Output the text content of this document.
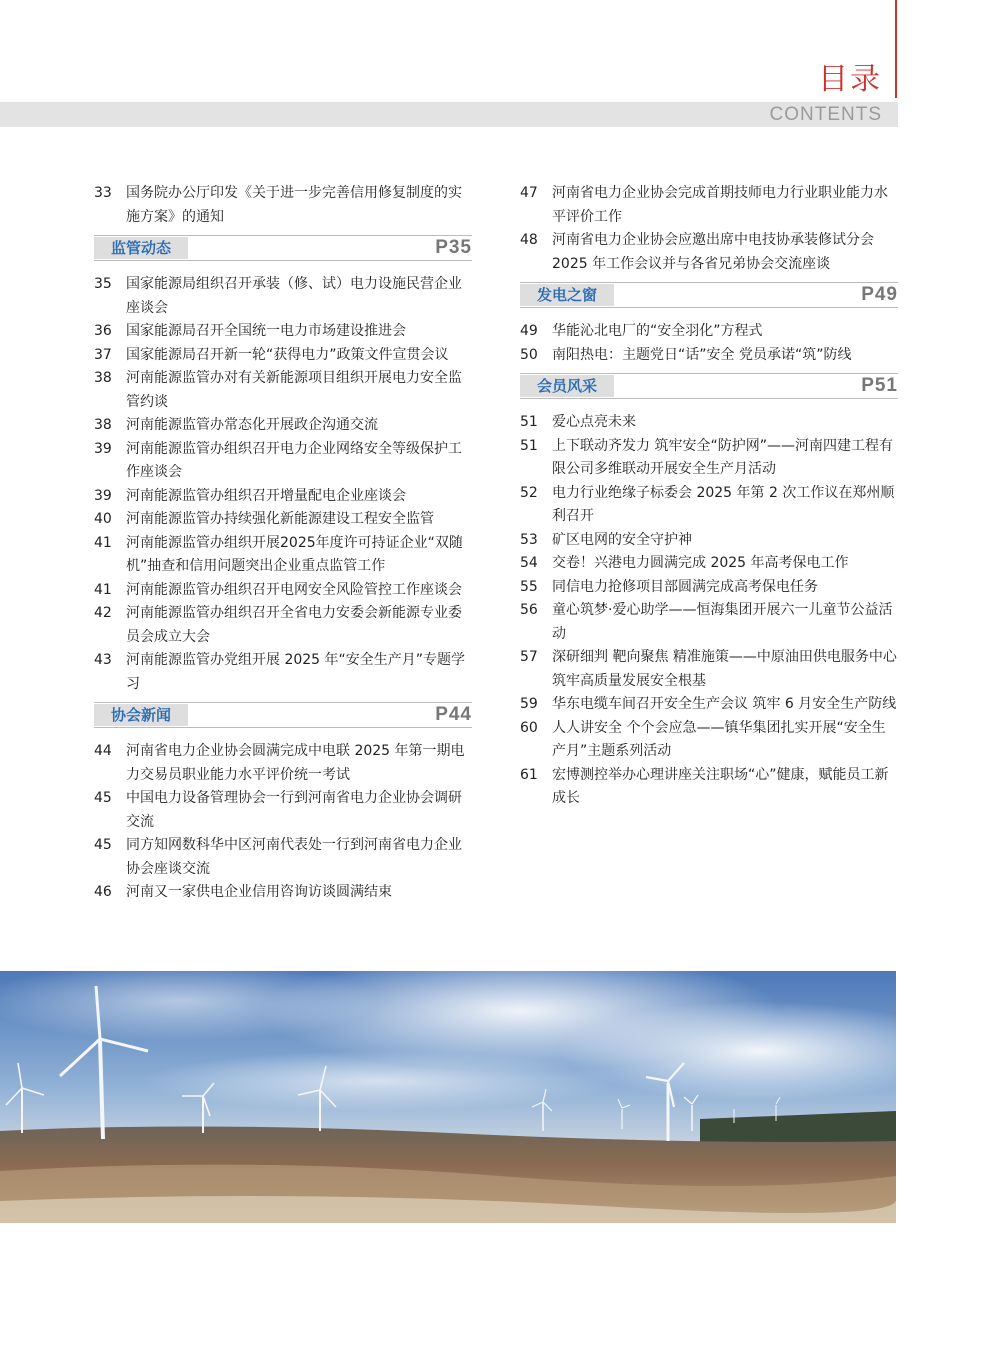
目录
CONTENTS
33	国务院办公厅印发《关于进一步完善信用修复制度的实施方案》的通知
监管动态	P35
35	国家能源局组织召开承装（修、试）电力设施民营企业座谈会
36	国家能源局召开全国统一电力市场建设推进会
37	国家能源局召开新一轮“获得电力”政策文件宣贯会议
38	河南能源监管办对有关新能源项目组织开展电力安全监管约谈
38	河南能源监管办常态化开展政企沟通交流
39	河南能源监管办组织召开电力企业网络安全等级保护工作座谈会
39	河南能源监管办组织召开增量配电企业座谈会
40	河南能源监管办持续强化新能源建设工程安全监管
41	河南能源监管办组织开展2025年度许可持证企业“双随机”抽查和信用问题突出企业重点监管工作
41	河南能源监管办组织召开电网安全风险管控工作座谈会
42	河南能源监管办组织召开全省电力安委会新能源专业委员会成立大会
43	河南能源监管办党组开展 2025 年“安全生产月”专题学习
协会新闻	P44
44	河南省电力企业协会圆满完成中电联 2025 年第一期电力交易员职业能力水平评价统一考试
45	中国电力设备管理协会一行到河南省电力企业协会调研交流
45	同方知网数科华中区河南代表处一行到河南省电力企业协会座谈交流
46	河南又一家供电企业信用咨询访谈圆满结束
47	河南省电力企业协会完成首期技师电力行业职业能力水平评价工作
48	河南省电力企业协会应邀出席中电技协承装修试分会 2025 年工作会议并与各省兄弟协会交流座谈
发电之窗	P49
49	华能沁北电厂的“安全羽化”方程式
50	南阳热电：主题党日“话”安全 党员承诺“筑”防线
会员风采	P51
51	爱心点亮未来
51	上下联动齐发力 筑牢安全“防护网”——河南四建工程有限公司多维联动开展安全生产月活动
52	电力行业绝缘子标委会 2025 年第 2 次工作议在郑州顺利召开
53	矿区电网的安全守护神
54	交卷！兴港电力圆满完成 2025 年高考保电工作
55	同信电力抢修项目部圆满完成高考保电任务
56	童心筑梦·爱心助学——恒海集团开展六一儿童节公益活动
57	深研细判 靶向聚焦 精准施策——中原油田供电服务中心筑牢高质量发展安全根基
59	华东电缆车间召开安全生产会议 筑牢 6 月安全生产防线
60	人人讲安全 个个会应急——镇华集团扎实开展“安全生产月”主题系列活动
61	宏博测控举办心理讲座关注职场“心”健康，赋能员工新成长
